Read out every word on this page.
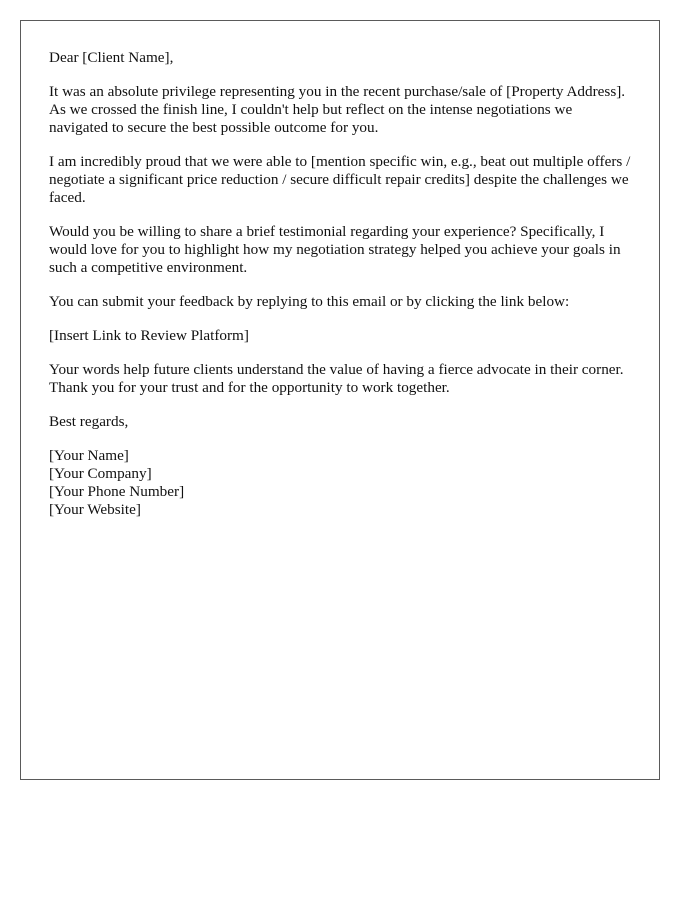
Dear [Client Name],

It was an absolute privilege representing you in the recent purchase/sale of [Property Address]. As we crossed the finish line, I couldn't help but reflect on the intense negotiations we navigated to secure the best possible outcome for you.

I am incredibly proud that we were able to [mention specific win, e.g., beat out multiple offers / negotiate a significant price reduction / secure difficult repair credits] despite the challenges we faced.

Would you be willing to share a brief testimonial regarding your experience? Specifically, I would love for you to highlight how my negotiation strategy helped you achieve your goals in such a competitive environment.

You can submit your feedback by replying to this email or by clicking the link below:

[Insert Link to Review Platform]

Your words help future clients understand the value of having a fierce advocate in their corner. Thank you for your trust and for the opportunity to work together.

Best regards,

[Your Name]

[Your Company]

[Your Phone Number]

[Your Website]
